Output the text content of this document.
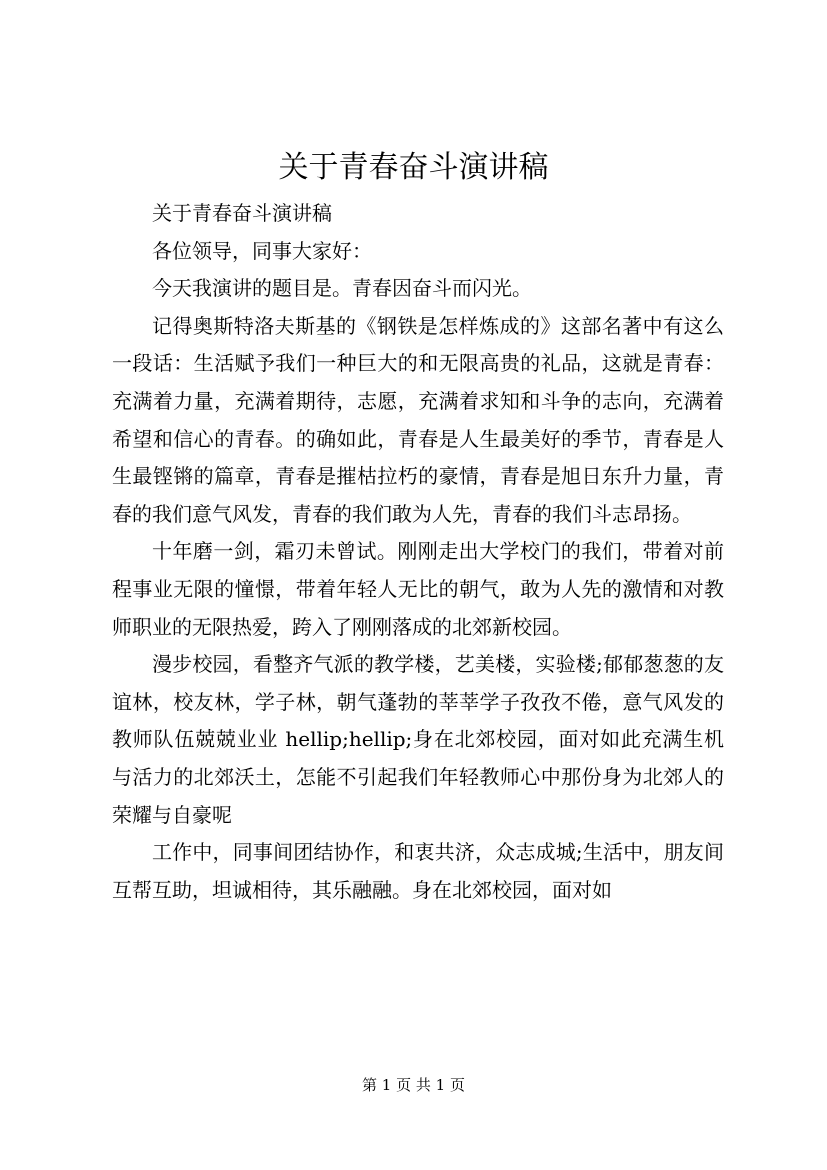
关于青春奋斗演讲稿

关于青春奋斗演讲稿

各位领导，同事大家好：

今天我演讲的题目是。青春因奋斗而闪光。

记得奥斯特洛夫斯基的《钢铁是怎样炼成的》这部名著中有这么一段话：生活赋予我们一种巨大的和无限高贵的礼品，这就是青春：充满着力量，充满着期待，志愿，充满着求知和斗争的志向，充满着希望和信心的青春。的确如此，青春是人生最美好的季节，青春是人生最铿锵的篇章，青春是摧枯拉朽的豪情，青春是旭日东升力量，青春的我们意气风发，青春的我们敢为人先，青春的我们斗志昂扬。

十年磨一剑，霜刃未曾试。刚刚走出大学校门的我们，带着对前程事业无限的憧憬，带着年轻人无比的朝气，敢为人先的激情和对教师职业的无限热爱，跨入了刚刚落成的北郊新校园。

漫步校园，看整齐气派的教学楼，艺美楼，实验楼;郁郁葱葱的友谊林，校友林，学子林，朝气蓬勃的莘莘学子孜孜不倦，意气风发的教师队伍兢兢业业 hellip;hellip;身在北郊校园，面对如此充满生机与活力的北郊沃土，怎能不引起我们年轻教师心中那份身为北郊人的荣耀与自豪呢

工作中，同事间团结协作，和衷共济，众志成城;生活中，朋友间互帮互助，坦诚相待，其乐融融。身在北郊校园，面对如

第 1 页 共 1 页
